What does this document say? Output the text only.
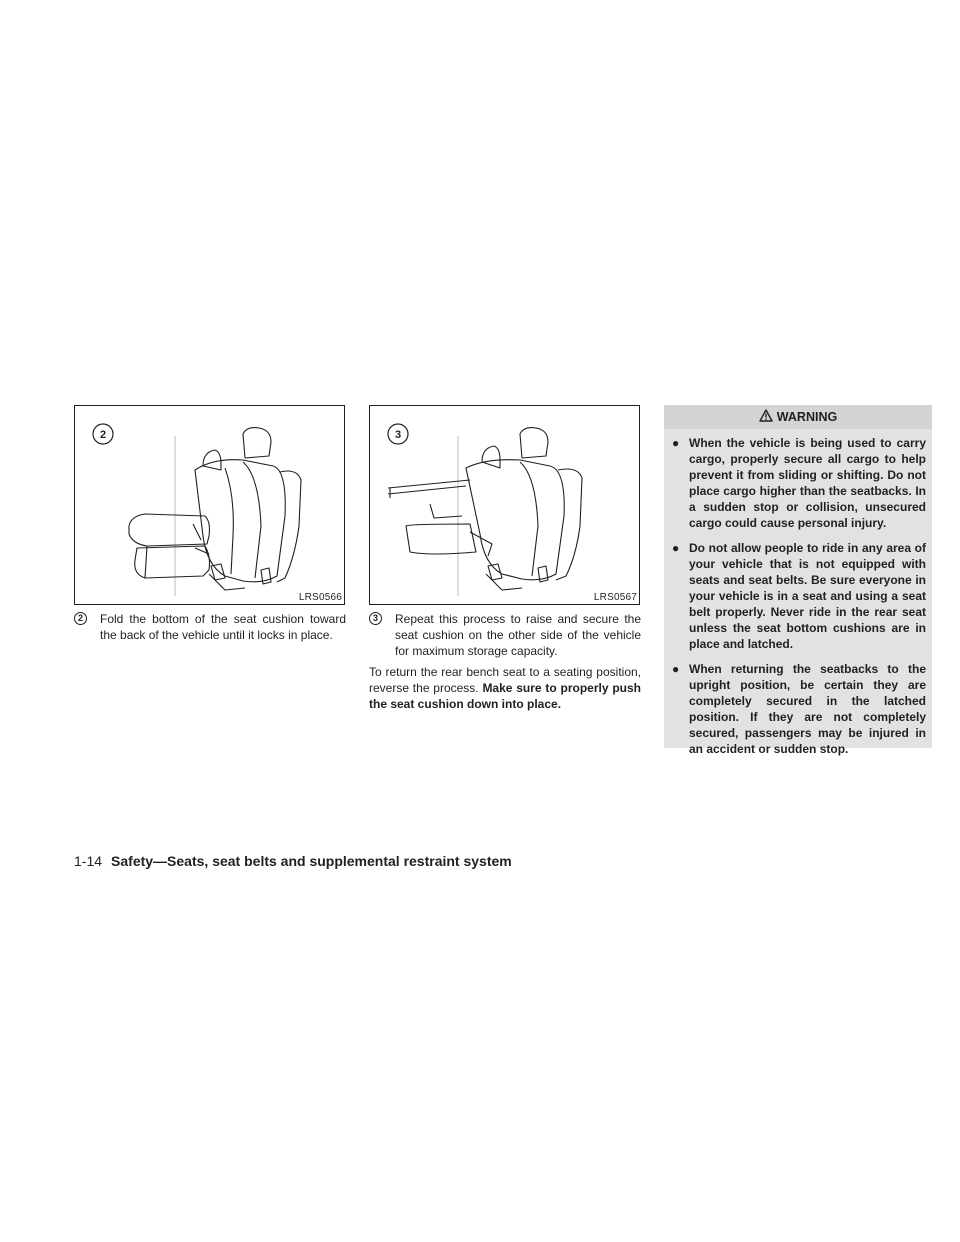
2
LRS0566
3
LRS0567
2	Fold the bottom of the seat cushion toward the back of the vehicle until it locks in place.
3	Repeat this process to raise and secure the seat cushion on the other side of the vehicle for maximum storage capacity.
To return the rear bench seat to a seating position, reverse the process. Make sure to properly push the seat cushion down into place.
WARNING
● When the vehicle is being used to carry cargo, properly secure all cargo to help prevent it from sliding or shifting. Do not place cargo higher than the seatbacks. In a sudden stop or collision, unsecured cargo could cause personal injury.
● Do not allow people to ride in any area of your vehicle that is not equipped with seats and seat belts. Be sure everyone in your vehicle is in a seat and using a seat belt properly. Never ride in the rear seat unless the seat bottom cushions are in place and latched.
● When returning the seatbacks to the upright position, be certain they are completely secured in the latched position. If they are not completely secured, passengers may be injured in an accident or sudden stop.
1-14 Safety—Seats, seat belts and supplemental restraint system
